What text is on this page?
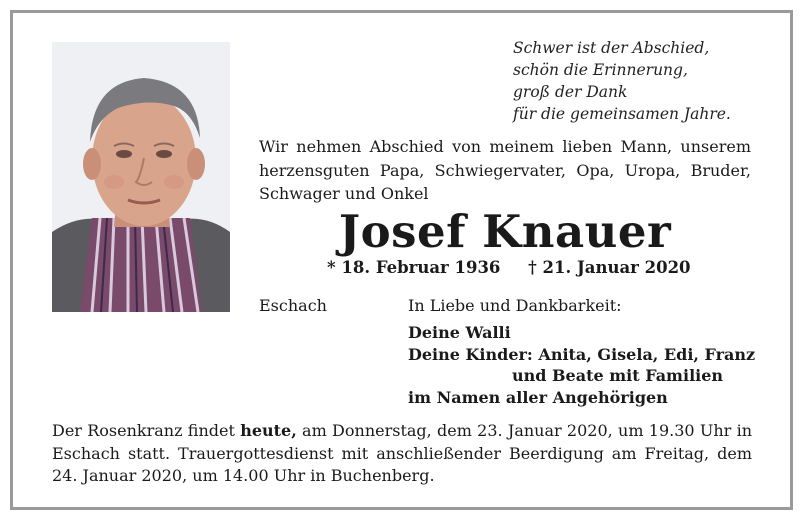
Schwer ist der Abschied,
schön die Erinnerung,
groß der Dank
für die gemeinsamen Jahre.
Wir nehmen Abschied von meinem lieben Mann, unserem herzensguten Papa, Schwiegervater, Opa, Uropa, Bruder, Schwager und Onkel
Josef Knauer
* 18. Februar 1936 † 21. Januar 2020
Eschach	In Liebe und Dankbarkeit:
Deine Walli
Deine Kinder: Anita, Gisela, Edi, Franz
und Beate mit Familien
im Namen aller Angehörigen
Der Rosenkranz findet heute, am Donnerstag, dem 23. Januar 2020, um 19.30 Uhr in Eschach statt. Trauergottesdienst mit anschließender Beerdigung am Freitag, dem 24. Januar 2020, um 14.00 Uhr in Buchenberg.
